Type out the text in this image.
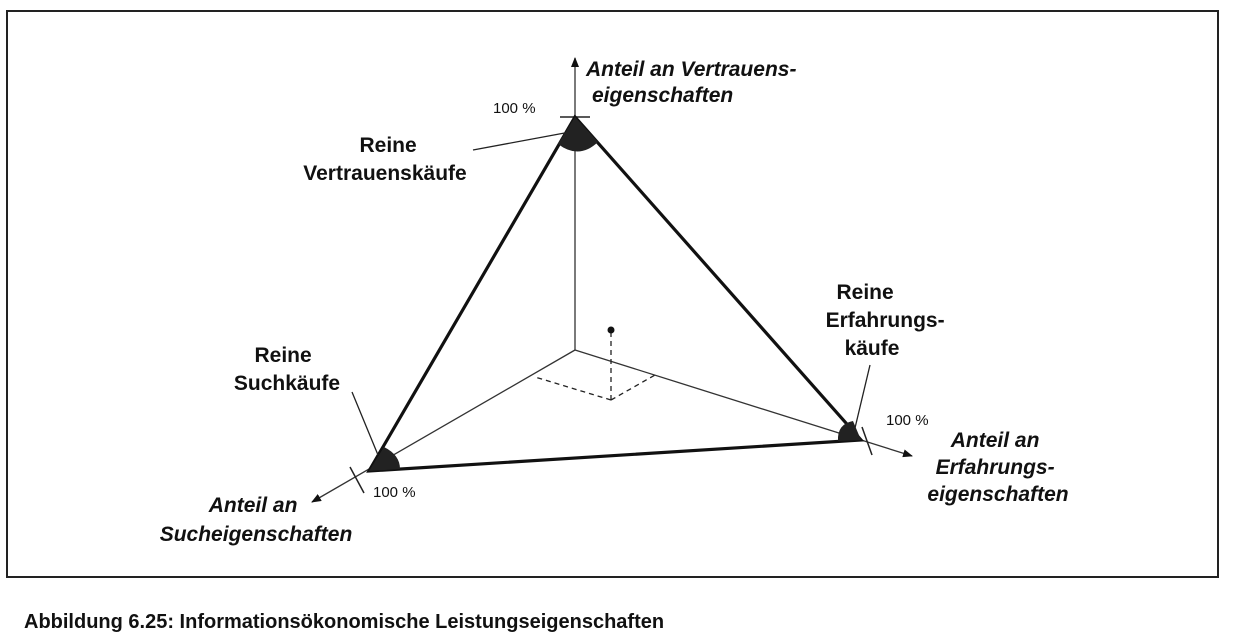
Anteil an Vertrauens- eigenschaften
Anteil an Erfahrungs- eigenschaften
Anteil an Sucheigenschaften
100 %
100 %
100 %
Reine Vertrauenskäufe
Reine Erfahrungs- käufe
Reine Suchkäufe
Abbildung 6.25: Informationsökonomische Leistungseigenschaften
